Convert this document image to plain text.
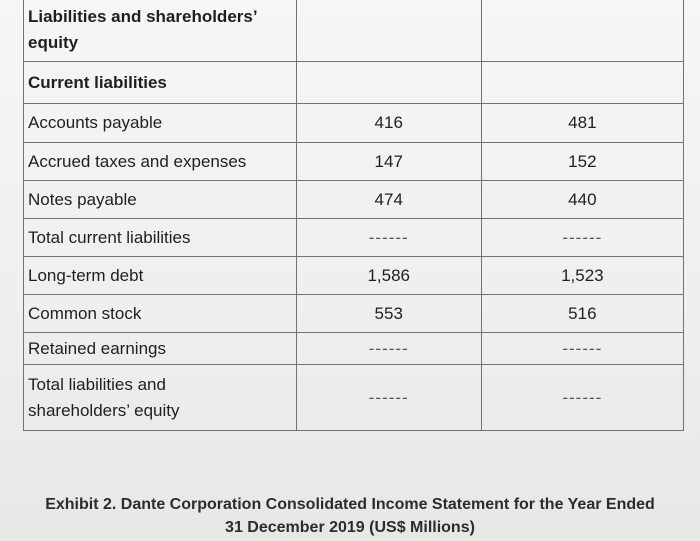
Liabilities and shareholders’
equity		
Current liabilities		
Accounts payable	416	481
Accrued taxes and expenses	147	152
Notes payable	474	440
Total current liabilities	------	------
Long-term debt	1,586	1,523
Common stock	553	516
Retained earnings	------	------
Total liabilities and
shareholders’ equity	------	------
Exhibit 2. Dante Corporation Consolidated Income Statement for the Year Ended
31 December 2019 (US$ Millions)
